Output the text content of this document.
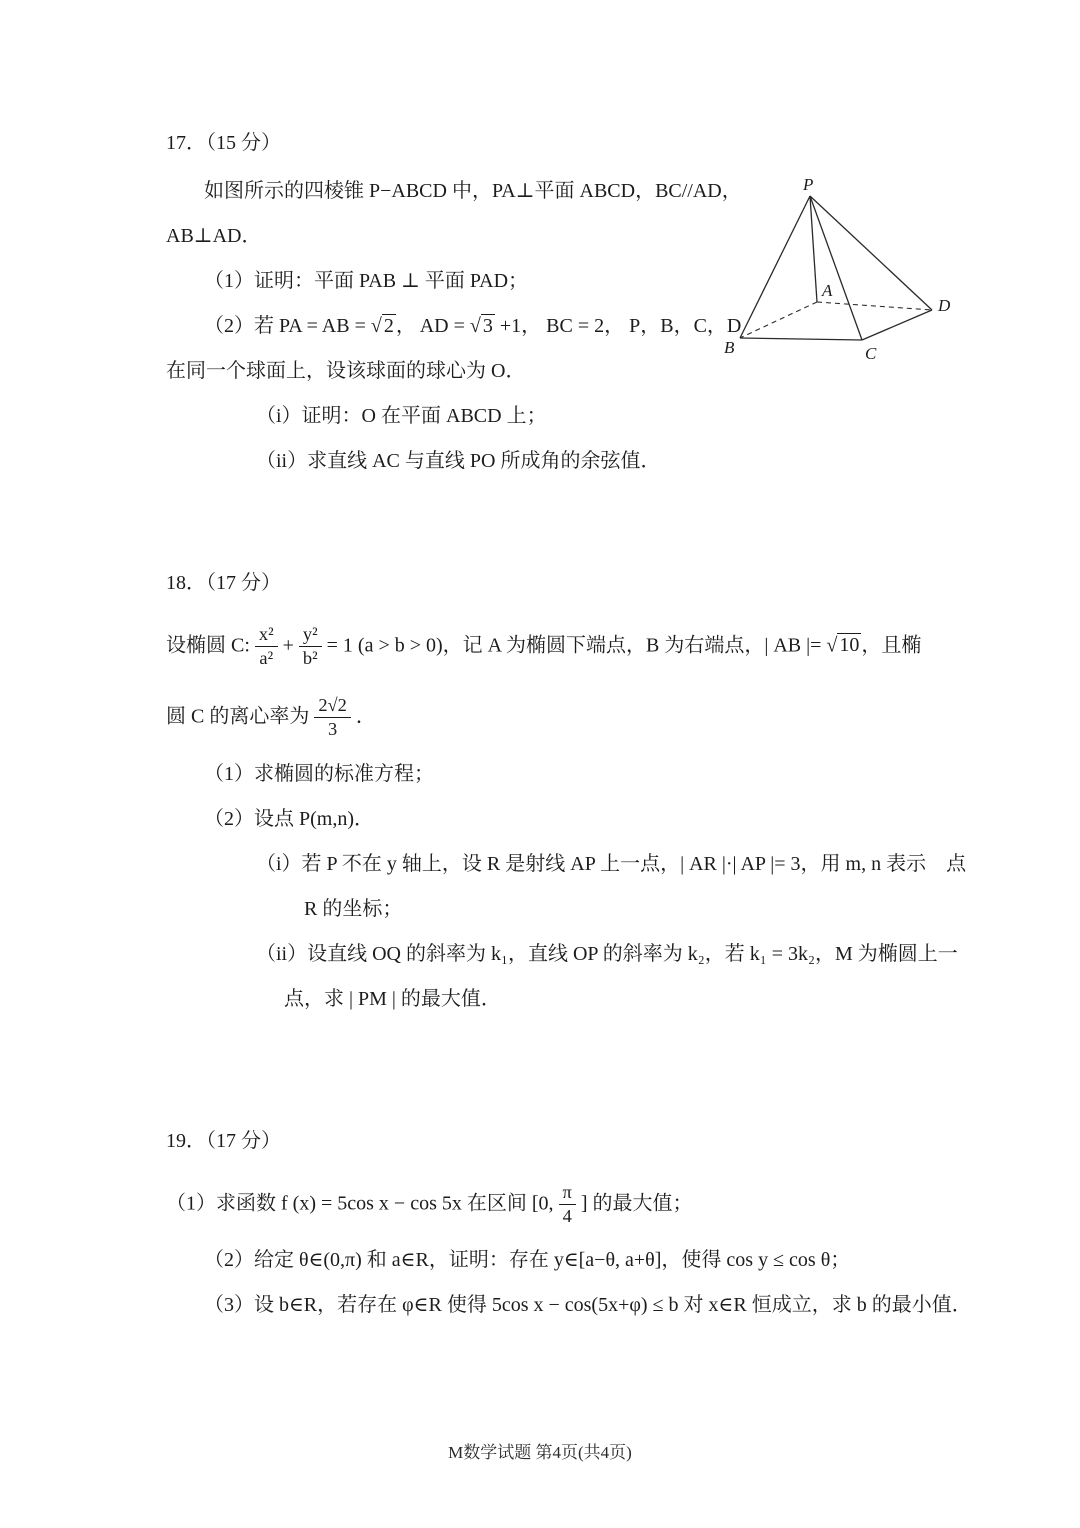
17．（15 分）
如图所示的四棱锥 P−ABCD 中，PA⊥平面 ABCD，BC//AD，
AB⊥AD．
（1）证明：平面 PAB ⊥ 平面 PAD；
（2）若 PA = AB = √ 2 ， AD = √ 3 +1， BC = 2， P，B，C，D
在同一个球面上，设该球面的球心为 O．
（i）证明：O 在平面 ABCD 上；
（ii）求直线 AC 与直线 PO 所成角的余弦值．
18．（17 分）
设椭圆 C: $\frac{\text{x²}}{\text{a²}} + \frac{\text{y²}}{\text{b²}} = 1$ (a > b > 0)，记 A 为椭圆下端点，B 为右端点，| AB |= √ 10 ，且椭
圆 C 的离心率为 $\frac{2√2}{3}$ ．
（1）求椭圆的标准方程；
（2）设点 P(m,n)．
（i）若 P 不在 y 轴上，设 R 是射线 AP 上一点，| AR |·| AP |= 3，用 m, n 表示　点
R 的坐标；
（ii）设直线 OQ 的斜率为 k₁，直线 OP 的斜率为 k₂，若 k₁ = 3k₂，M 为椭圆上一
点，求 | PM | 的最大值．
19．（17 分）
（1）求函数 f (x) = 5cos x − cos 5x 在区间 [0, $\frac{\pi}{4}$ ] 的最大值；
（2）给定 θ∈(0,π) 和 a∈R，证明：存在 y∈[a−θ, a+θ]，使得 cos y ≤ cos θ；
（3）设 b∈R，若存在 φ∈R 使得 5cos x − cos(5x+φ) ≤ b 对 x∈R 恒成立，求 b 的最小值．
P
A
B	C
D
M数学试题 第4页(共4页)
